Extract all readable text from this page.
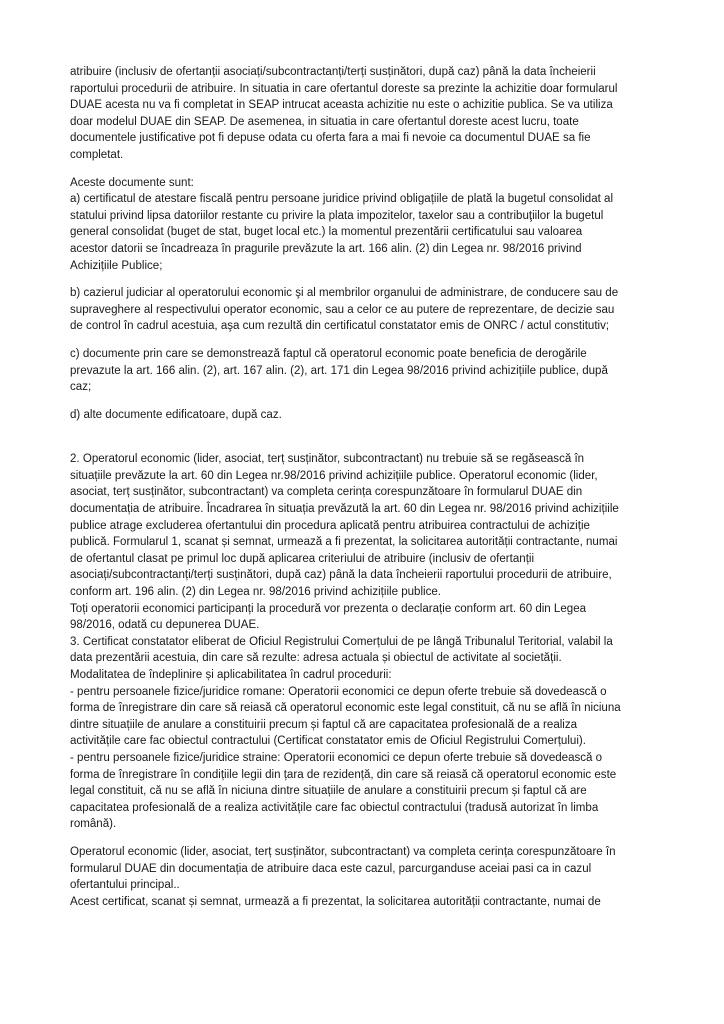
atribuire (inclusiv de ofertanții asociați/subcontractanți/terți susținători, după caz) până la data încheierii
raportului procedurii de atribuire. In situatia in care ofertantul doreste sa prezinte la achizitie doar formularul
DUAE acesta nu va fi completat in SEAP intrucat aceasta achizitie nu este o achizitie publica. Se va utiliza
doar modelul DUAE din SEAP. De asemenea, in situatia in care ofertantul doreste acest lucru, toate
documentele justificative pot fi depuse odata cu oferta fara a mai fi nevoie ca documentul DUAE sa fie
completat.

Aceste documente sunt:
a) certificatul de atestare fiscală pentru persoane juridice privind obligațiile de plată la bugetul consolidat al
statului privind lipsa datoriilor restante cu privire la plata impozitelor, taxelor sau a contribuţiilor la bugetul
general consolidat (buget de stat, buget local etc.) la momentul prezentării certificatului sau valoarea
acestor datorii se încadreaza în pragurile prevăzute la art. 166 alin. (2) din Legea nr. 98/2016 privind
Achizițiile Publice;

b) cazierul judiciar al operatorului economic şi al membrilor organului de administrare, de conducere sau de
supraveghere al respectivului operator economic, sau a celor ce au putere de reprezentare, de decizie sau
de control în cadrul acestuia, aşa cum rezultă din certificatul constatator emis de ONRC / actul constitutiv;

c) documente prin care se demonstrează faptul că operatorul economic poate beneficia de derogările
prevazute la art. 166 alin. (2), art. 167 alin. (2), art. 171 din Legea 98/2016 privind achizițiile publice, după
caz;

d) alte documente edificatoare, după caz.

2. Operatorul economic (lider, asociat, terț susținător, subcontractant) nu trebuie să se regăsească în
situațiile prevăzute la art. 60 din Legea nr.98/2016 privind achizițiile publice. Operatorul economic (lider,
asociat, terț susținător, subcontractant) va completa cerința corespunzătoare în formularul DUAE din
documentația de atribuire. Încadrarea în situația prevăzută la art. 60 din Legea nr. 98/2016 privind achizițiile
publice atrage excluderea ofertantului din procedura aplicată pentru atribuirea contractului de achiziție
publică. Formularul 1, scanat și semnat, urmează a fi prezentat, la solicitarea autorității contractante, numai
de ofertantul clasat pe primul loc după aplicarea criteriului de atribuire (inclusiv de ofertanții
asociați/subcontractanți/terți susținători, după caz) până la data încheierii raportului procedurii de atribuire,
conform art. 196 alin. (2) din Legea nr. 98/2016 privind achizițiile publice.
Toți operatorii economici participanți la procedură vor prezenta o declarație conform art. 60 din Legea
98/2016, odată cu depunerea DUAE.
3. Certificat constatator eliberat de Oficiul Registrului Comerțului de pe lângă Tribunalul Teritorial, valabil la
data prezentării acestuia, din care să rezulte: adresa actuala și obiectul de activitate al societății.
Modalitatea de îndeplinire și aplicabilitatea în cadrul procedurii:
- pentru persoanele fizice/juridice romane: Operatorii economici ce depun oferte trebuie să dovedească o
forma de înregistrare din care să reiasă că operatorul economic este legal constituit, că nu se află în niciuna
dintre situațiile de anulare a constituirii precum și faptul că are capacitatea profesională de a realiza
activitățile care fac obiectul contractului (Certificat constatator emis de Oficiul Registrului Comerțului).
- pentru persoanele fizice/juridice straine: Operatorii economici ce depun oferte trebuie să dovedească o
forma de înregistrare în condițiile legii din țara de rezidență, din care să reiasă că operatorul economic este
legal constituit, că nu se află în niciuna dintre situațiile de anulare a constituirii precum și faptul că are
capacitatea profesională de a realiza activitățile care fac obiectul contractului (tradusă autorizat în limba
română).

Operatorul economic (lider, asociat, terț susținător, subcontractant) va completa cerința corespunzătoare în
formularul DUAE din documentația de atribuire daca este cazul, parcurganduse aceiai pasi ca in cazul
ofertantului principal..
Acest certificat, scanat și semnat, urmează a fi prezentat, la solicitarea autorității contractante, numai de
